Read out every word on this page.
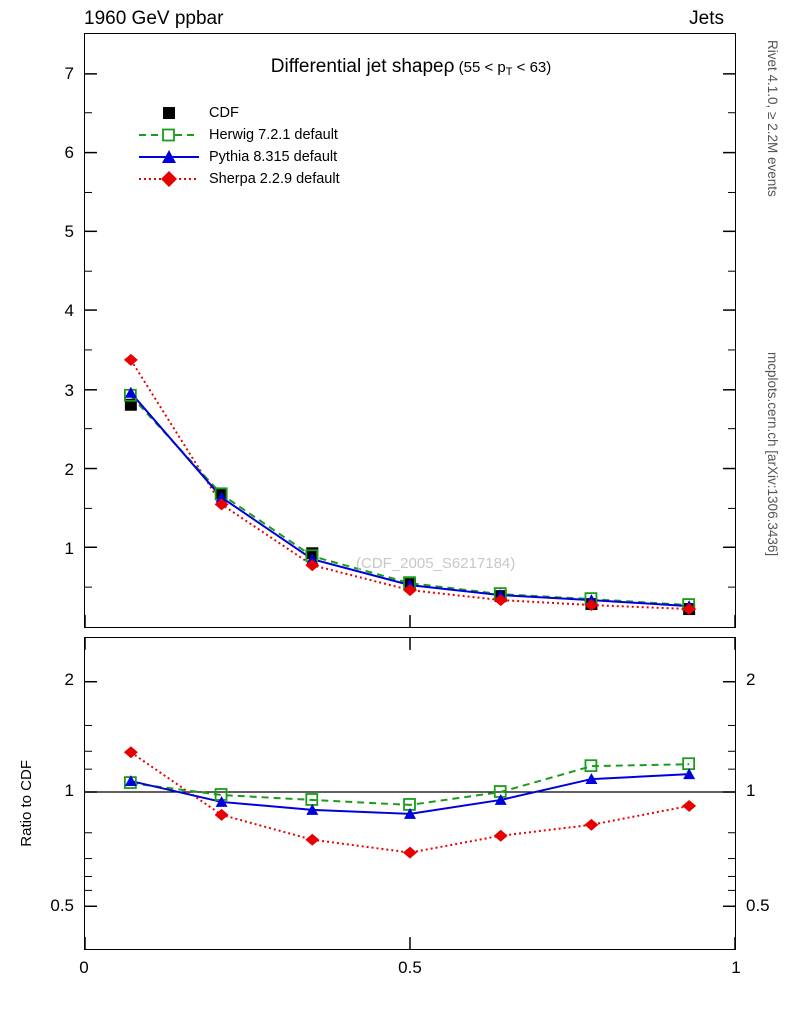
1960 GeV ppbar	Jets
Rivet 4.1.0, ≥ 2.2M events
mcplots.cern.ch [arXiv:1306.3436]
Differential jet shapeρ (55 < pT < 63)
CDF
Herwig 7.2.1 default
Pythia 8.315 default
Sherpa 2.2.9 default
1
2
3
4
5
6
7
(CDF_2005_S6217184)
2
1
0.5
2
1
0.5
Ratio to CDF
0	0.5	1
